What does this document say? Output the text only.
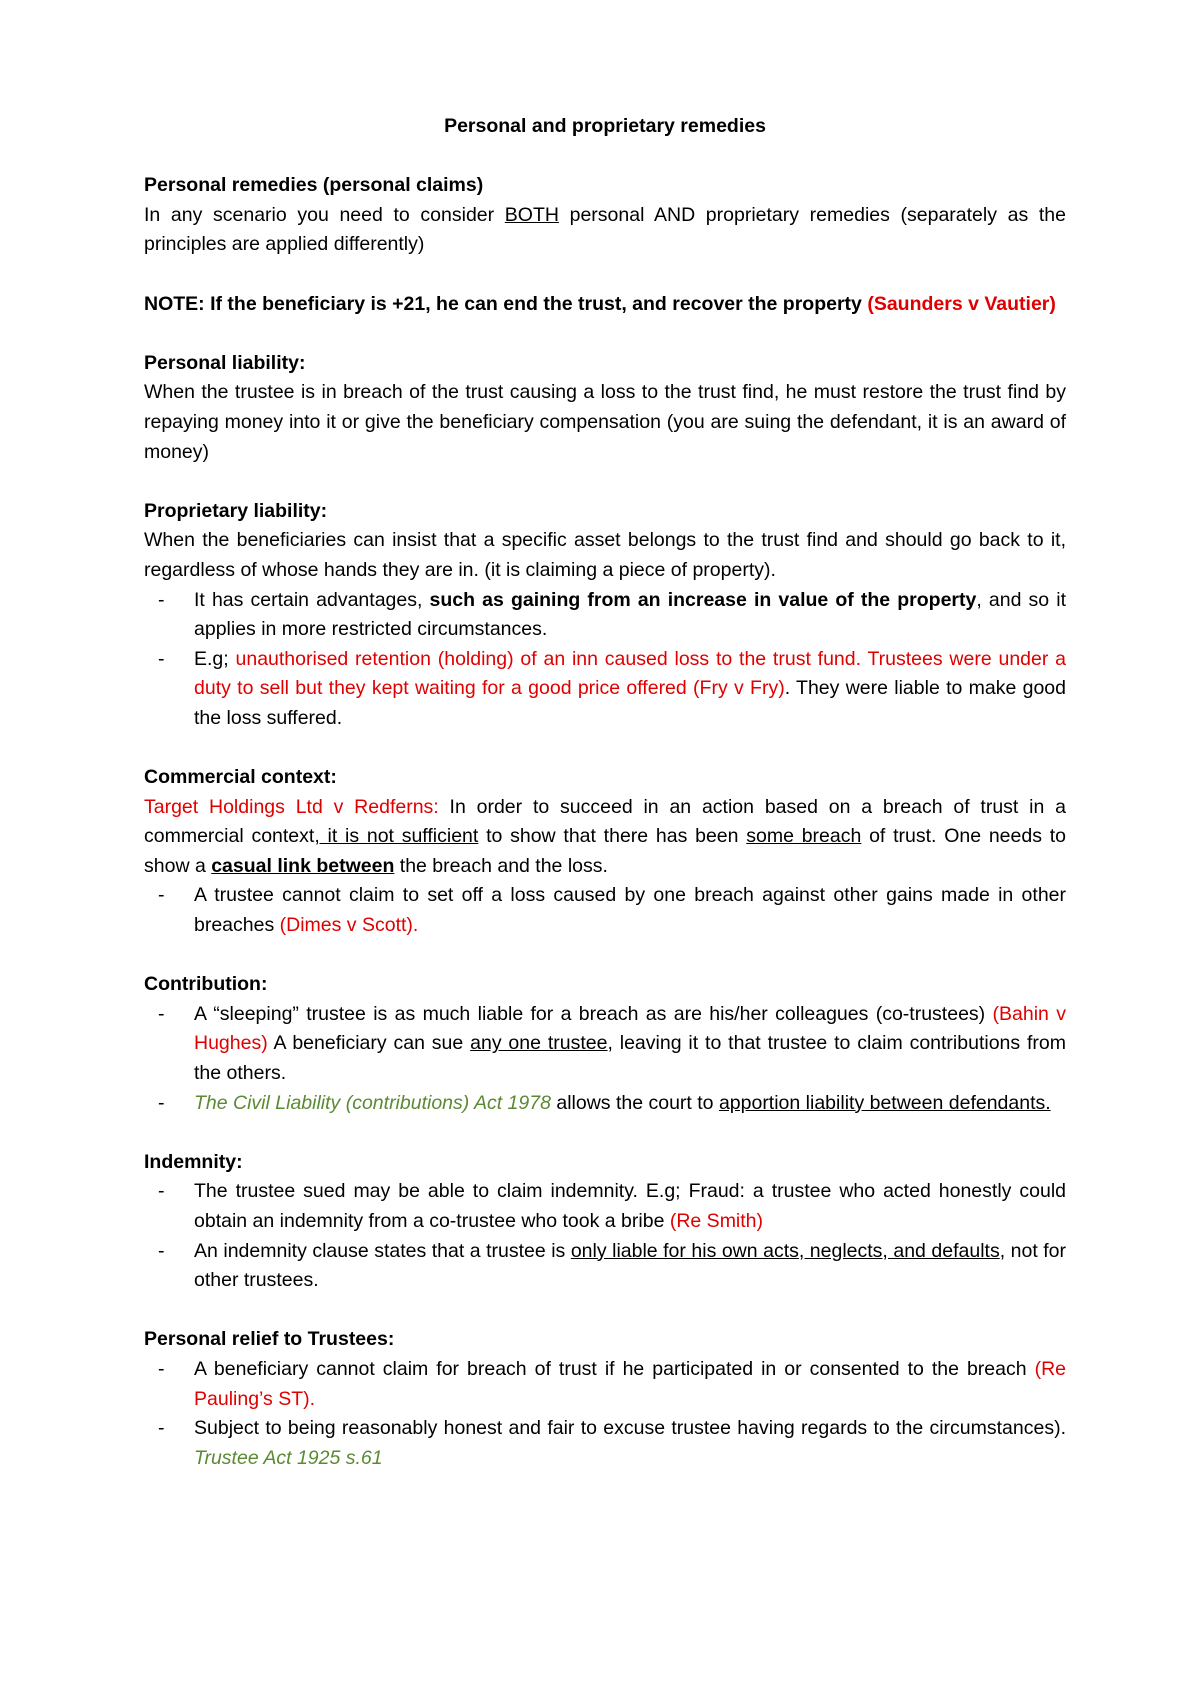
Personal and proprietary remedies

Personal remedies (personal claims)

In any scenario you need to consider BOTH personal AND proprietary remedies (separately as the principles are applied differently)

NOTE: If the beneficiary is +21, he can end the trust, and recover the property (Saunders v Vautier)

Personal liability:

When the trustee is in breach of the trust causing a loss to the trust find, he must restore the trust find by repaying money into it or give the beneficiary compensation (you are suing the defendant, it is an award of money)

Proprietary liability:

When the beneficiaries can insist that a specific asset belongs to the trust find and should go back to it, regardless of whose hands they are in. (it is claiming a piece of property).

- It has certain advantages, such as gaining from an increase in value of the property, and so it applies in more restricted circumstances.
- E.g; unauthorised retention (holding) of an inn caused loss to the trust fund. Trustees were under a duty to sell but they kept waiting for a good price offered (Fry v Fry). They were liable to make good the loss suffered.

Commercial context:

Target Holdings Ltd v Redferns: In order to succeed in an action based on a breach of trust in a commercial context, it is not sufficient to show that there has been some breach of trust. One needs to show a casual link between the breach and the loss.

- A trustee cannot claim to set off a loss caused by one breach against other gains made in other breaches (Dimes v Scott).

Contribution:

- A “sleeping” trustee is as much liable for a breach as are his/her colleagues (co-trustees) (Bahin v Hughes) A beneficiary can sue any one trustee, leaving it to that trustee to claim contributions from the others.
- The Civil Liability (contributions) Act 1978 allows the court to apportion liability between defendants.

Indemnity:

- The trustee sued may be able to claim indemnity. E.g; Fraud: a trustee who acted honestly could obtain an indemnity from a co-trustee who took a bribe (Re Smith)
- An indemnity clause states that a trustee is only liable for his own acts, neglects, and defaults, not for other trustees.

Personal relief to Trustees:

- A beneficiary cannot claim for breach of trust if he participated in or consented to the breach (Re Pauling’s ST).
- Subject to being reasonably honest and fair to excuse trustee having regards to the circumstances). Trustee Act 1925 s.61
